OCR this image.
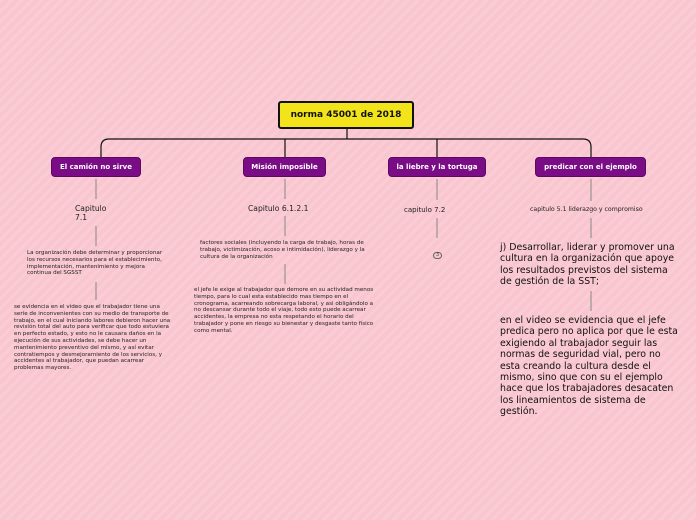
norma 45001 de 2018
El camión no sirve	Misión imposible	la liebre y la tortuga	predicar con el ejemplo
Capitulo
7.1
La organización debe determinar y proporcionar los recursos necesarios para el establecimiento, implementación, mantenimiento y mejora continua del SGSST
se evidencia en el video que el trabajador tiene una serie de inconvenientes con su medio de transporte de trabajo, en el cual iniciando labores debieron hacer una revisión total del auto para verificar que todo estuviera en perfecto estado, y esto no le causara daños en la ejecución de sus actividades, se debe hacer un mantenimiento preventivo del mismo, y así evitar contratiempos y desmejoramiento de los servicios, y accidentes al trabajador, que puedan acarrear problemas mayores.
Capitulo 6.1.2.1
factores sociales (incluyendo la carga de trabajo, horas de trabajo, victimización, acoso e intimidación), liderazgo y la cultura de la organización
el jefe le exige al trabajador que demore en su actividad menos tiempo, para lo cual esta establecido mas tiempo en el cronograma, acarreando sobrecarga laboral, y asi obligándolo a no descansar durante todo el viaje, todo esto puede acarrear accidentes, la empresa no esta respetando el horario del trabajador y pone en riesgo su bienestar y desgaste tanto físico como mental.
capitulo 7.2
3
capitulo 5.1 liderazgo y compromiso
j) Desarrollar, liderar y promover una cultura en la organización que apoye los resultados previstos del sistema de gestión de la SST;
en el video se evidencia que el jefe predica pero no aplica por que le esta exigiendo al trabajador seguir las normas de seguridad vial, pero no esta creando la cultura desde el mismo, sino que con su el ejemplo hace que los trabajadores desacaten los lineamientos de sistema de gestión.
